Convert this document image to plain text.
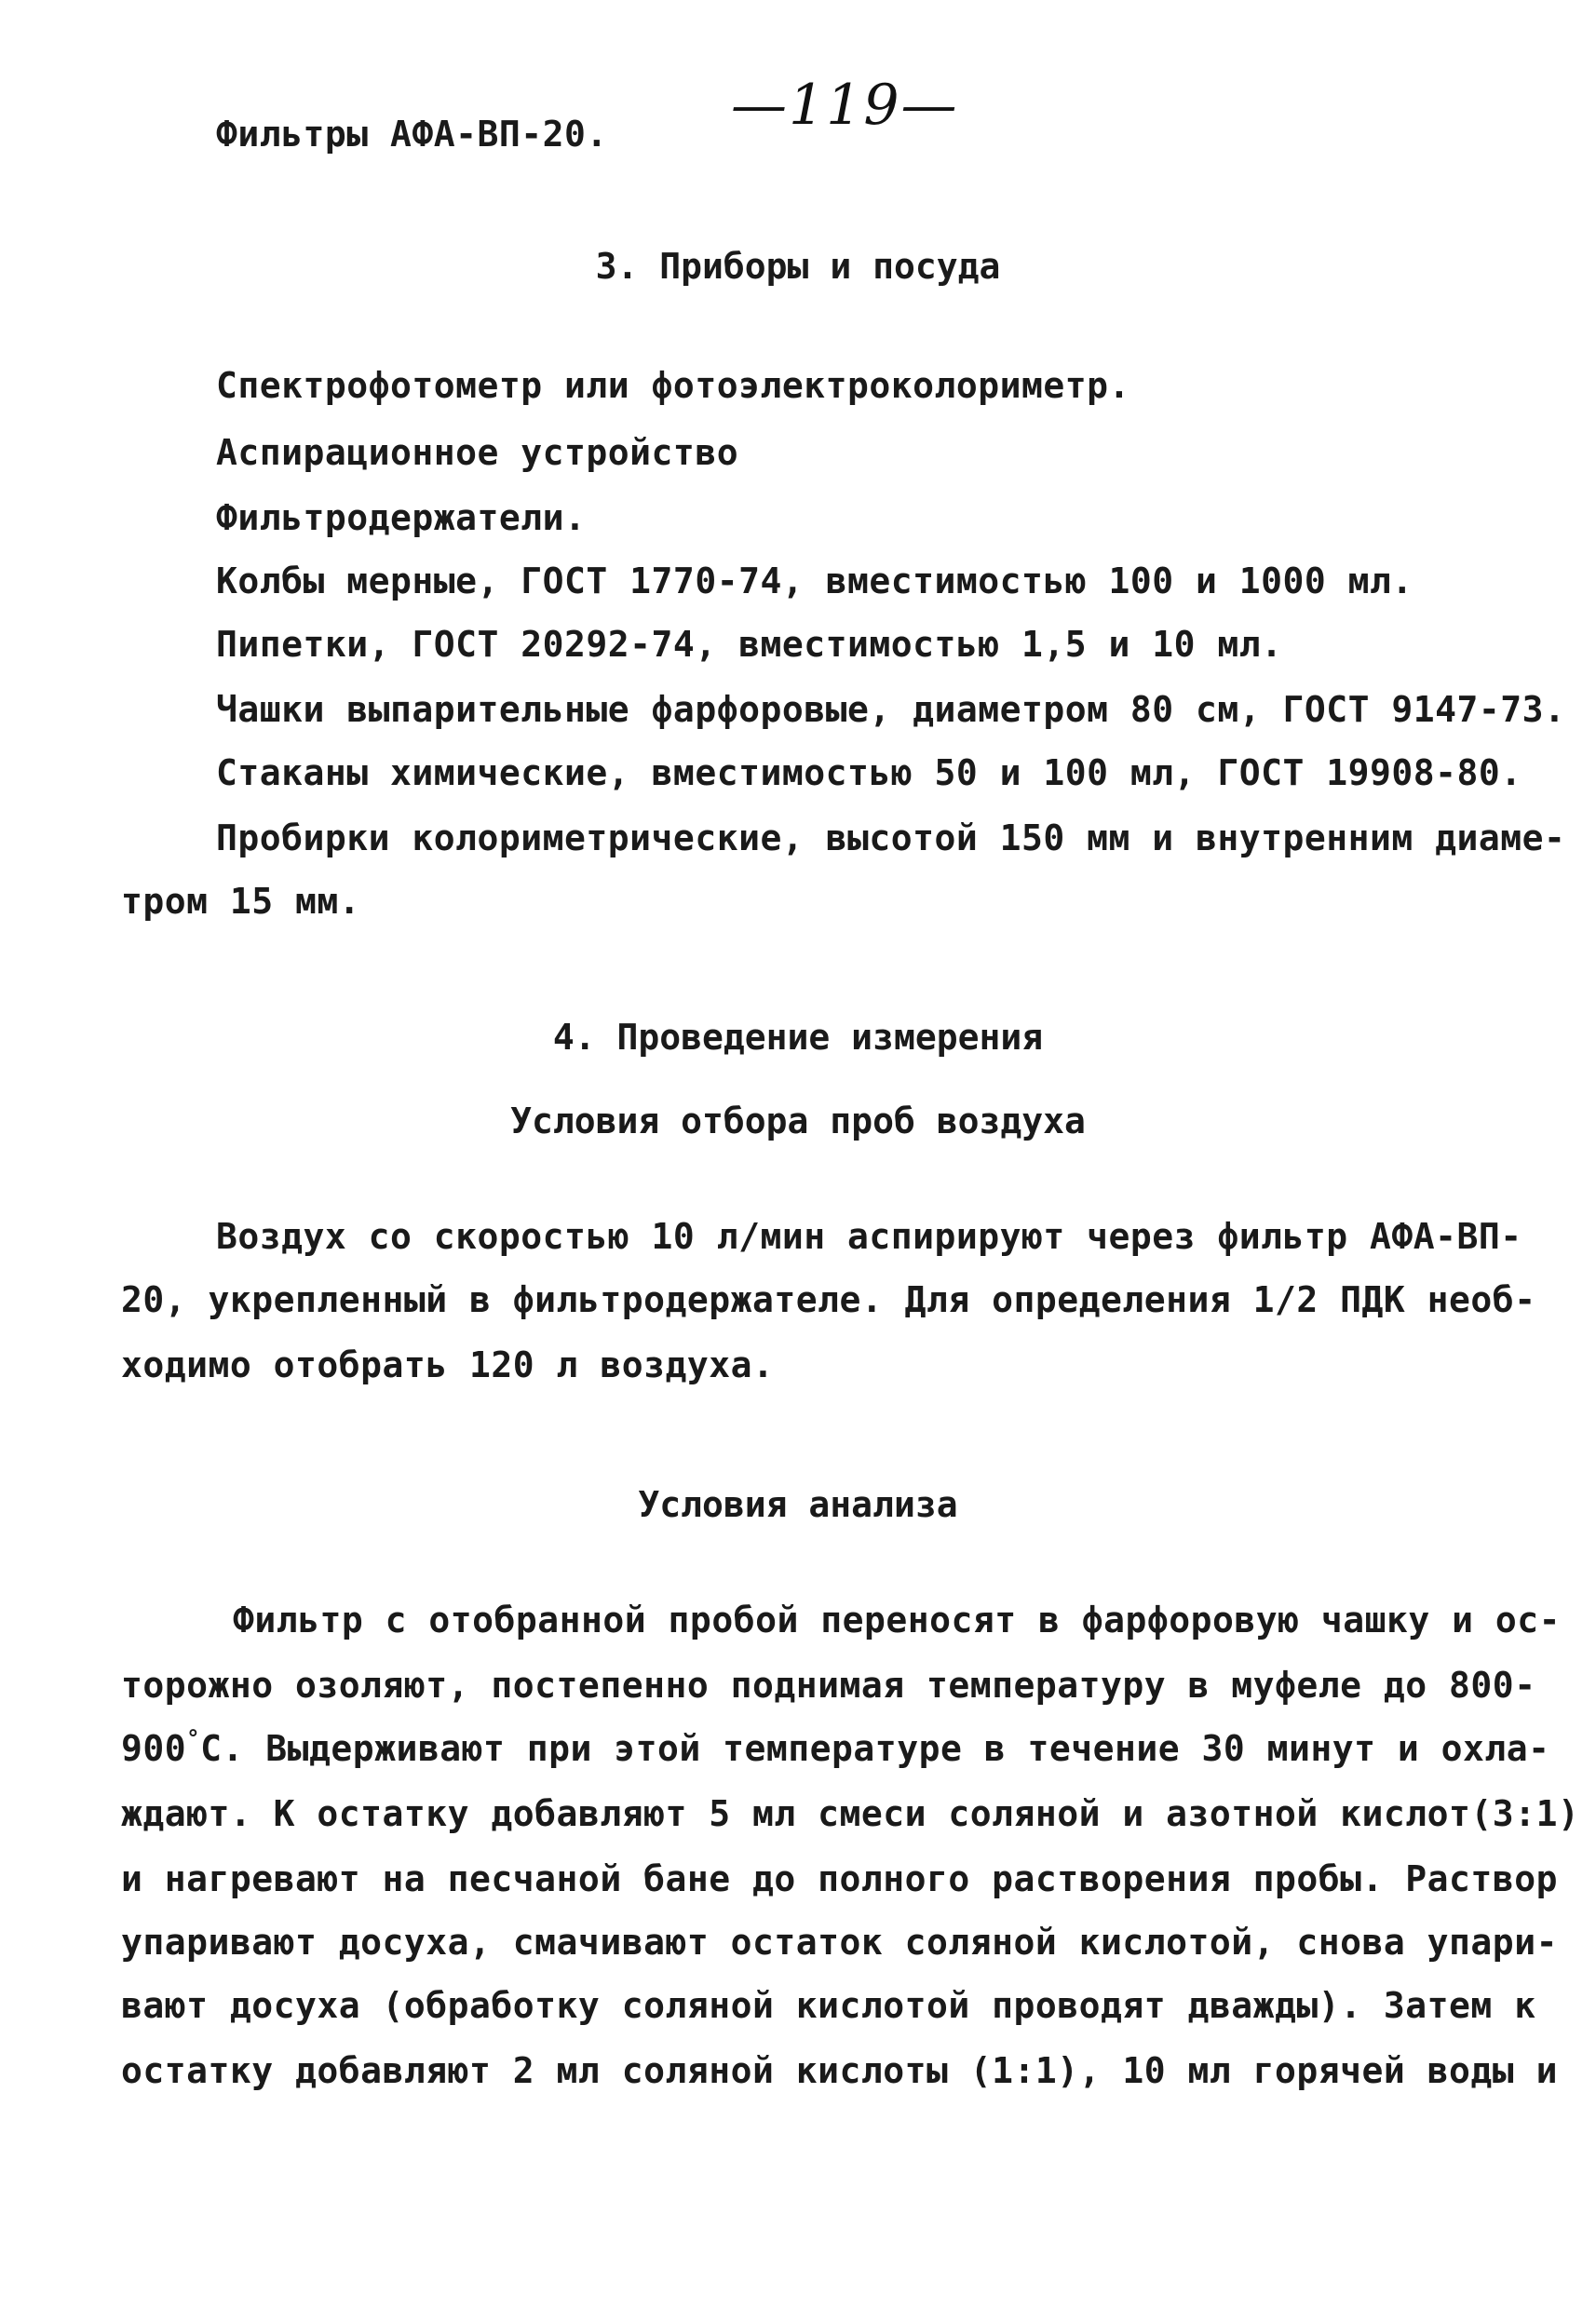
—119—
Фильтры АФА-ВП-20.
3. Приборы и посуда
Спектрофотометр или фотоэлектроколориметр.
Аспирационное устройство
Фильтродержатели.
Колбы мерные, ГОСТ 1770-74, вместимостью 100 и 1000 мл.
Пипетки, ГОСТ 20292-74, вместимостью 1,5 и 10 мл.
Чашки выпарительные фарфоровые, диаметром 80 см, ГОСТ 9147-73.
Стаканы химические, вместимостью 50 и 100 мл, ГОСТ 19908-80.
Пробирки колориметрические, высотой 150 мм и внутренним диаме-
тром 15 мм.
4. Проведение измерения
Условия отбора проб воздуха
Воздух со скоростью 10 л/мин аспирируют через фильтр АФА-ВП-
20, укрепленный в фильтродержателе. Для определения 1/2 ПДК необ-
ходимо отобрать 120 л воздуха.
Условия анализа
Фильтр с отобранной пробой переносят в фарфоровую чашку и ос-
торожно озоляют, постепенно поднимая температуру в муфеле до 800-
900°С. Выдерживают при этой температуре в течение 30 минут и охла-
ждают. К остатку добавляют 5 мл смеси соляной и азотной кислот(3:1)
и нагревают на песчаной бане до полного растворения пробы. Раствор
упаривают досуха, смачивают остаток соляной кислотой, снова упари-
вают досуха (обработку соляной кислотой проводят дважды). Затем к
остатку добавляют 2 мл соляной кислоты (1:1), 10 мл горячей воды и
